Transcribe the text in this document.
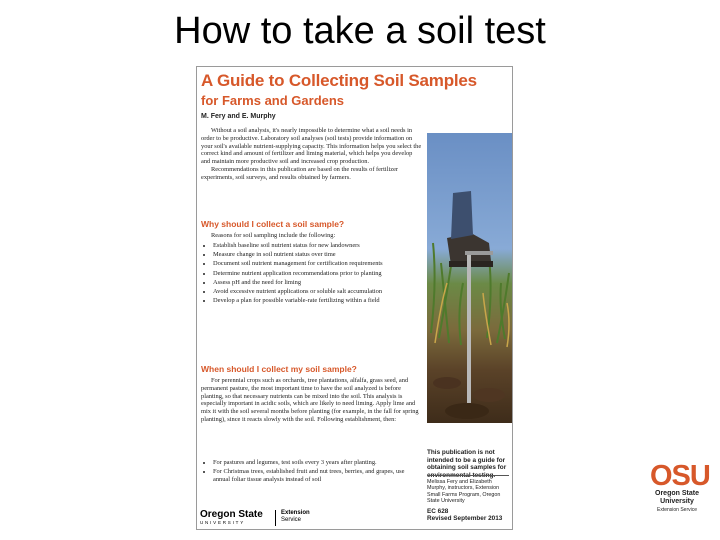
How to take a soil test
A Guide to Collecting Soil Samples
for Farms and Gardens
M. Fery and E. Murphy
Without a soil analysis, it's nearly impossible to determine what a soil needs in order to be productive. Laboratory soil analyses (soil tests) provide information on your soil's available nutrient-supplying capacity. This information helps you select the correct kind and amount of fertilizer and liming material, which helps you develop and maintain more productive soil and increased crop production.
Recommendations in this publication are based on the results of fertilizer experiments, soil surveys, and results obtained by farmers.
Why should I collect a soil sample?
Reasons for soil sampling include the following:
• Establish baseline soil nutrient status for new landowners
• Measure change in soil nutrient status over time
• Document soil nutrient management for certification requirements
• Determine nutrient application recommendations prior to planting
• Assess pH and the need for liming
• Avoid excessive nutrient applications or soluble salt accumulation
• Develop a plan for possible variable-rate fertilizing within a field
When should I collect my soil sample?
For perennial crops such as orchards, tree plantations, alfalfa, grass seed, and permanent pasture, the most important time to have the soil analyzed is before planting, so that necessary nutrients can be mixed into the soil. This analysis is especially important in acidic soils, which are likely to need liming. Apply lime and mix it with the soil several months before planting (for example, in the fall for spring planting), since it reacts slowly with the soil. Following establishment, then:
• For pastures and legumes, test soils every 3 years after planting.
• For Christmas trees, established fruit and nut trees, berries, and grapes, use annual foliar tissue analysis instead of soil
This publication is not intended to be a guide for obtaining soil samples for environmental testing.
Melissa Fery and Elizabeth Murphy, instructors, Extension Small Farms Program, Oregon State University
EC 628
Revised September 2013
Oregon State
UNIVERSITY
Extension
Service
OSU
Oregon State University
Extension Service
